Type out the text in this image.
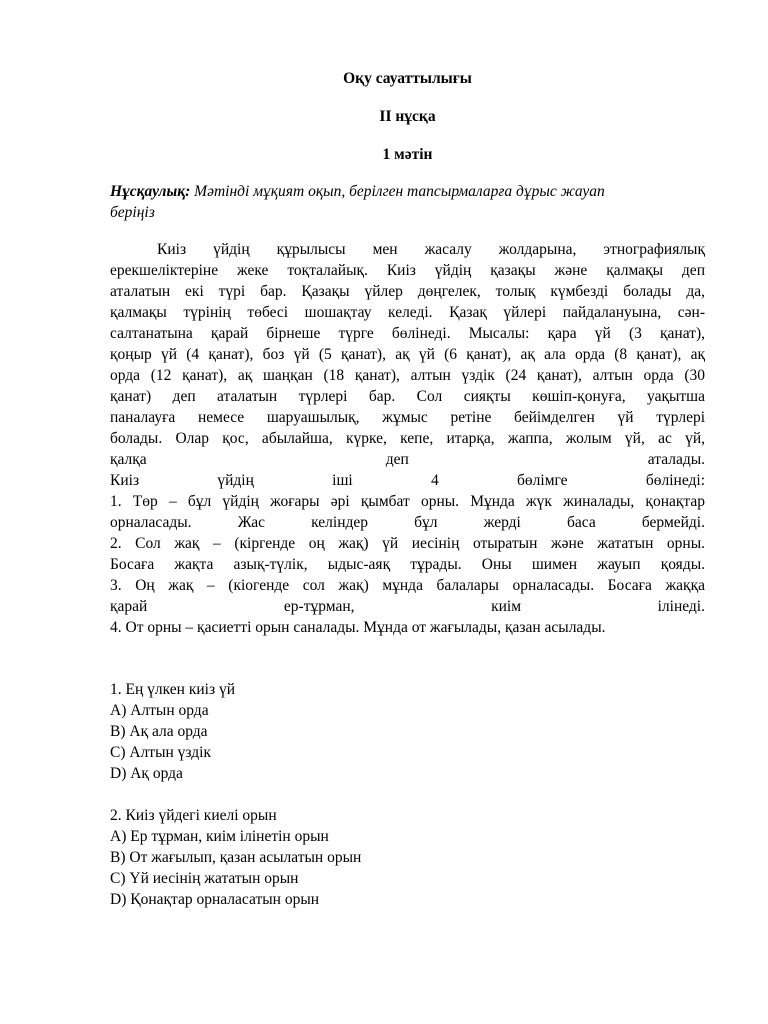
Оқу сауаттылығы

II нұсқа

1 мәтін

Нұсқаулық: Мәтінді мұқият оқып, берілген тапсырмаларға дұрыс жауап
беріңіз

Киіз үйдің құрылысы мен жасалу жолдарына, этнографиялық
ерекшеліктеріне жеке тоқталайық. Киіз үйдің қазақы және қалмақы деп
аталатын екі түрі бар. Қазақы үйлер дөңгелек, толық күмбезді болады да,
қалмақы түрінің төбесі шошақтау келеді. Қазақ үйлері пайдалануына, сән-
салтанатына қарай бірнеше түрге бөлінеді. Мысалы: қара үй (3 қанат),
қоңыр үй (4 қанат), боз үй (5 қанат), ақ үй (6 қанат), ақ ала орда (8 қанат), ақ
орда (12 қанат), ақ шаңқан (18 қанат), алтын үздік (24 қанат), алтын орда (30
қанат) деп аталатын түрлері бар. Сол сияқты көшіп-қонуға, уақытша
паналауға немесе шаруашылық, жұмыс ретіне бейімделген үй түрлері
болады. Олар қос, абылайша, күрке, кепе, итарқа, жаппа, жолым үй, ас үй,
қалқа деп аталады.
Киіз үйдің іші 4 бөлімге бөлінеді:
1. Төр – бұл үйдің жоғары әрі қымбат орны. Мұнда жүк жиналады, қонақтар
орналасады. Жас келіндер бұл жерді баса бермейді.
2. Сол жақ – (кіргенде оң жақ) үй иесінің отыратын және жататын орны.
Босаға жақта азық-түлік, ыдыс-аяқ тұрады. Оны шимен жауып қояды.
3. Оң жақ – (кіогенде сол жақ) мұнда балалары орналасады. Босаға жаққа
қарай ер-тұрман, киім ілінеді.
4. От орны – қасиетті орын саналады. Мұнда от жағылады, қазан асылады.
1. Ең үлкен киіз үй
A) Алтын орда
B) Ақ ала орда
C) Алтын үздік
D) Ақ орда
2. Киіз үйдегі киелі орын
A) Ер тұрман, киім ілінетін орын
B) От жағылып, қазан асылатын орын
C) Үй иесінің жататын орын
D) Қонақтар орналасатын орын
